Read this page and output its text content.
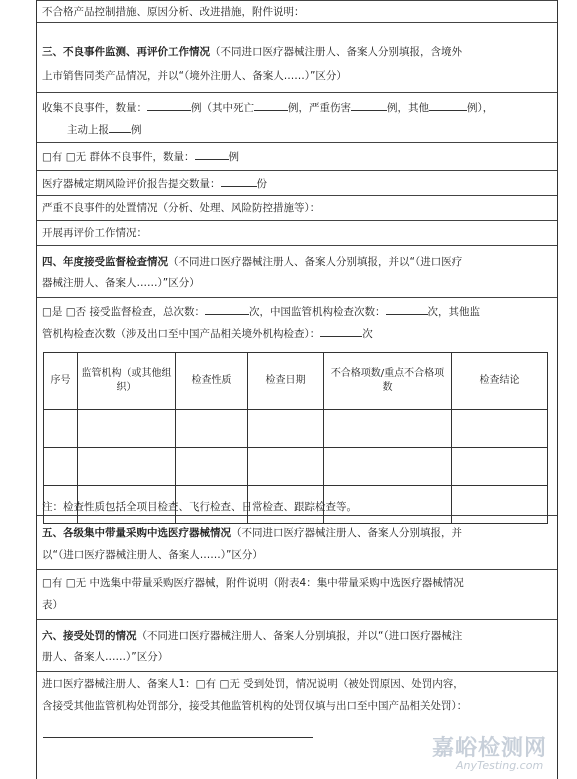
不合格产品控制措施、原因分析、改进措施，附件说明：
三、不良事件监测、再评价工作情况（不同进口医疗器械注册人、备案人分别填报，含境外
上市销售同类产品情况，并以“（境外注册人、备案人……）”区分）
收集不良事件，数量：	例（其中死亡	例，严重伤害	例，其他	例），
主动上报 例
□有 □无 群体不良事件，数量：	例
医疗器械定期风险评价报告提交数量：	份
严重不良事件的处置情况（分析、处理、风险防控措施等）：
开展再评价工作情况：
四、年度接受监督检查情况（不同进口医疗器械注册人、备案人分别填报，并以“（进口医疗
器械注册人、备案人……）”区分）
□是 □否 接受监督检查，总次数：	次，中国监管机构检查次数：	次，其他监
管机构检查次数（涉及出口至中国产品相关境外机构检查）：	次
序号	监管机构（或其他组织）	检查性质	检查日期	不合格项数/重点不合格项数	检查结论

注：检查性质包括全项目检查、飞行检查、日常检查、跟踪检查等。
五、各级集中带量采购中选医疗器械情况（不同进口医疗器械注册人、备案人分别填报，并
以“（进口医疗器械注册人、备案人……）”区分）
□有 □无 中选集中带量采购医疗器械，附件说明（附表4：集中带量采购中选医疗器械情况
表）
六、接受处罚的情况（不同进口医疗器械注册人、备案人分别填报，并以“（进口医疗器械注
册人、备案人……）”区分）
进口医疗器械注册人、备案人1：□有 □无 受到处罚，情况说明（被处罚原因、处罚内容，
含接受其他监管机构处罚部分，接受其他监管机构的处罚仅填与出口至中国产品相关处罚）：
嘉峪检测网
AnyTesting.com
